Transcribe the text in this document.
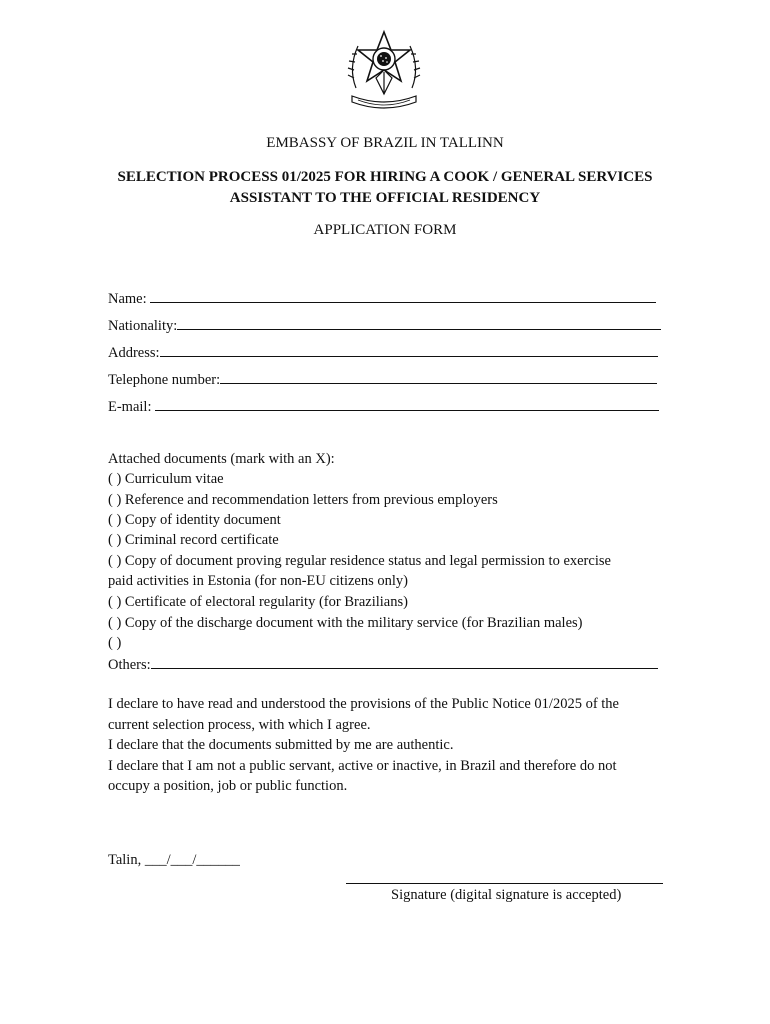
EMBASSY OF BRAZIL IN TALLINN
SELECTION PROCESS 01/2025 FOR HIRING A COOK / GENERAL SERVICES
ASSISTANT TO THE OFFICIAL RESIDENCY
APPLICATION FORM
Name:
Nationality:
Address:
Telephone number:
E-mail:
Attached documents (mark with an X):
( ) Curriculum vitae
( ) Reference and recommendation letters from previous employers
( ) Copy of identity document
( ) Criminal record certificate
( ) Copy of document proving regular residence status and legal permission to exercise
paid activities in Estonia (for non-EU citizens only)
( ) Certificate of electoral regularity (for Brazilians)
( ) Copy of the discharge document with the military service (for Brazilian males)
( )
Others:
I declare to have read and understood the provisions of the Public Notice 01/2025 of the
current selection process, with which I agree.
I declare that the documents submitted by me are authentic.
I declare that I am not a public servant, active or inactive, in Brazil and therefore do not
occupy a position, job or public function.
Talin, ___/___/______
Signature (digital signature is accepted)
